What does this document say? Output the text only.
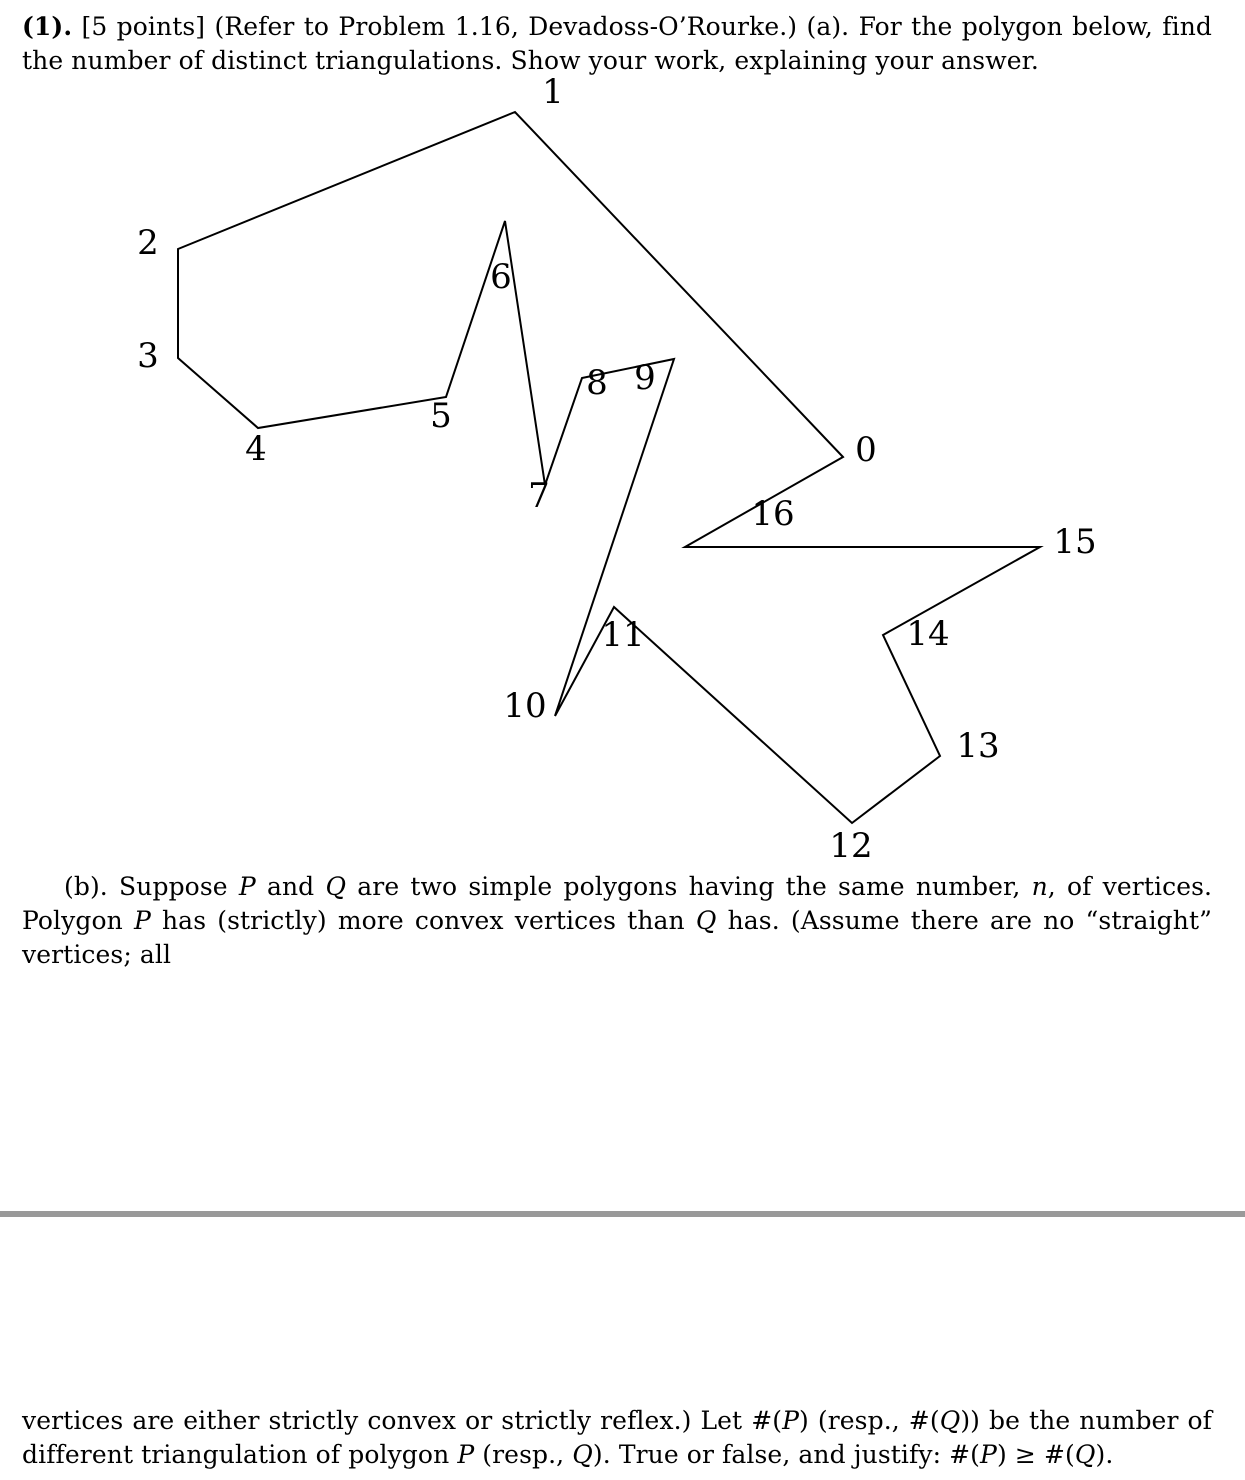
(1). [5 points] (Refer to Problem 1.16, Devadoss-O’Rourke.) (a). For the polygon below, find the number of distinct triangulations. Show your work, explaining your answer.

0
1
2
3
4
5
6
7
8 9
10
11
12
13
14
15
16

(b). Suppose P and Q are two simple polygons having the same number, n, of vertices. Polygon P has (strictly) more convex vertices than Q has. (Assume there are no “straight” vertices; all

vertices are either strictly convex or strictly reflex.) Let #(P) (resp., #(Q)) be the number of different triangulation of polygon P (resp., Q). True or false, and justify: #(P) ≥ #(Q).
